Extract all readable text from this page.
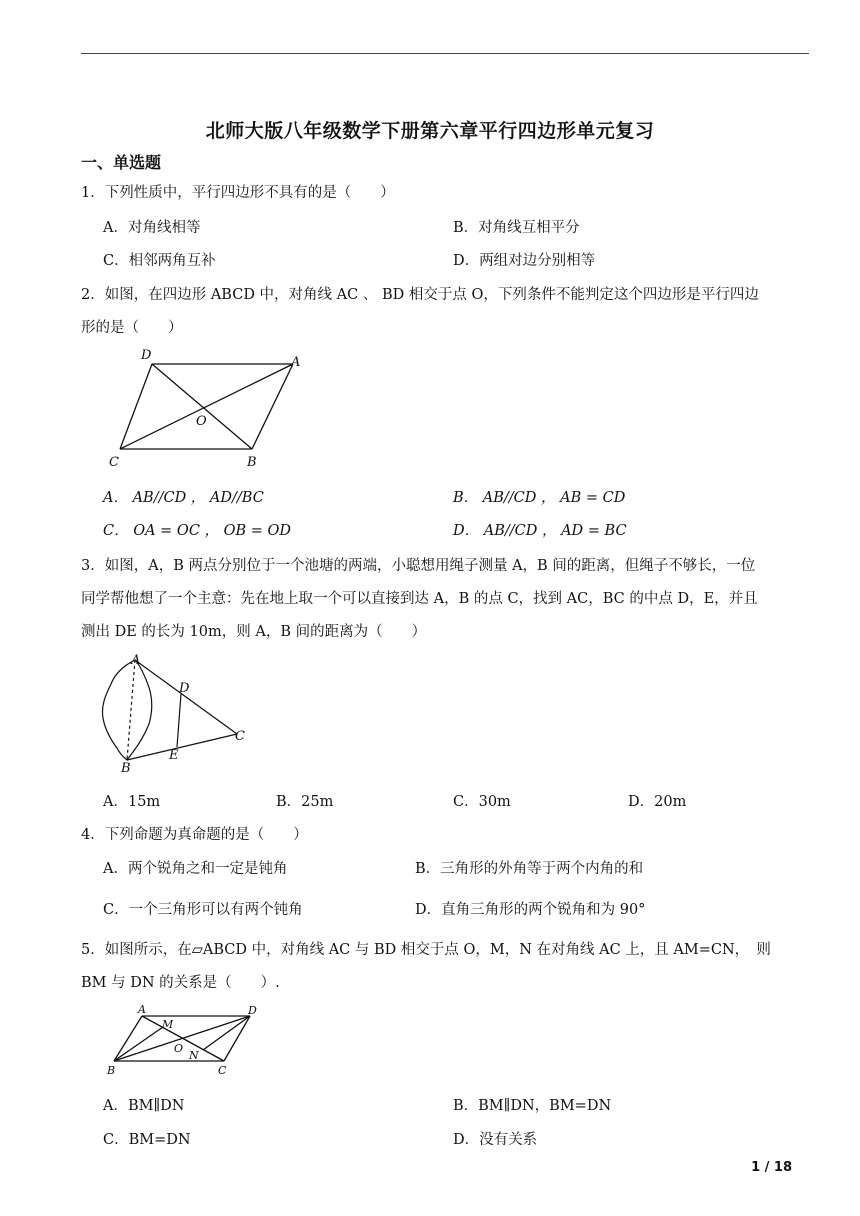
北师大版八年级数学下册第六章平行四边形单元复习
一、单选题
1．下列性质中，平行四边形不具有的是（　　）
A．对角线相等	B．对角线互相平分
C．相邻两角互补	D．两组对边分别相等
2．如图，在四边形 ABCD 中，对角线 AC 、 BD 相交于点 O，下列条件不能判定这个四边形是平行四边
形的是（　　）
D	A
O
C	B
A． AB//CD ， AD//BC	B． AB//CD ， AB = CD
C． OA = OC ， OB = OD	D． AB//CD ， AD = BC
3．如图，A，B 两点分别位于一个池塘的两端，小聪想用绳子测量 A，B 间的距离，但绳子不够长，一位
同学帮他想了一个主意：先在地上取一个可以直接到达 A，B 的点 C，找到 AC，BC 的中点 D，E，并且
测出 DE 的长为 10m，则 A，B 间的距离为（　　）
A
D
C
E
B
A．15m	B．25m	C．30m	D．20m
4．下列命题为真命题的是（　　）
A．两个锐角之和一定是钝角	B．三角形的外角等于两个内角的和
C．一个三角形可以有两个钝角	D．直角三角形的两个锐角和为 90°
5．如图所示，在▱ABCD 中，对角线 AC 与 BD 相交于点 O，M，N 在对角线 AC 上，且 AM=CN，　则
BM 与 DN 的关系是（　　）.
A	D
M
O
N
B	C
A．BM∥DN	B．BM∥DN，BM=DN
C．BM=DN	D．没有关系
1 / 18
